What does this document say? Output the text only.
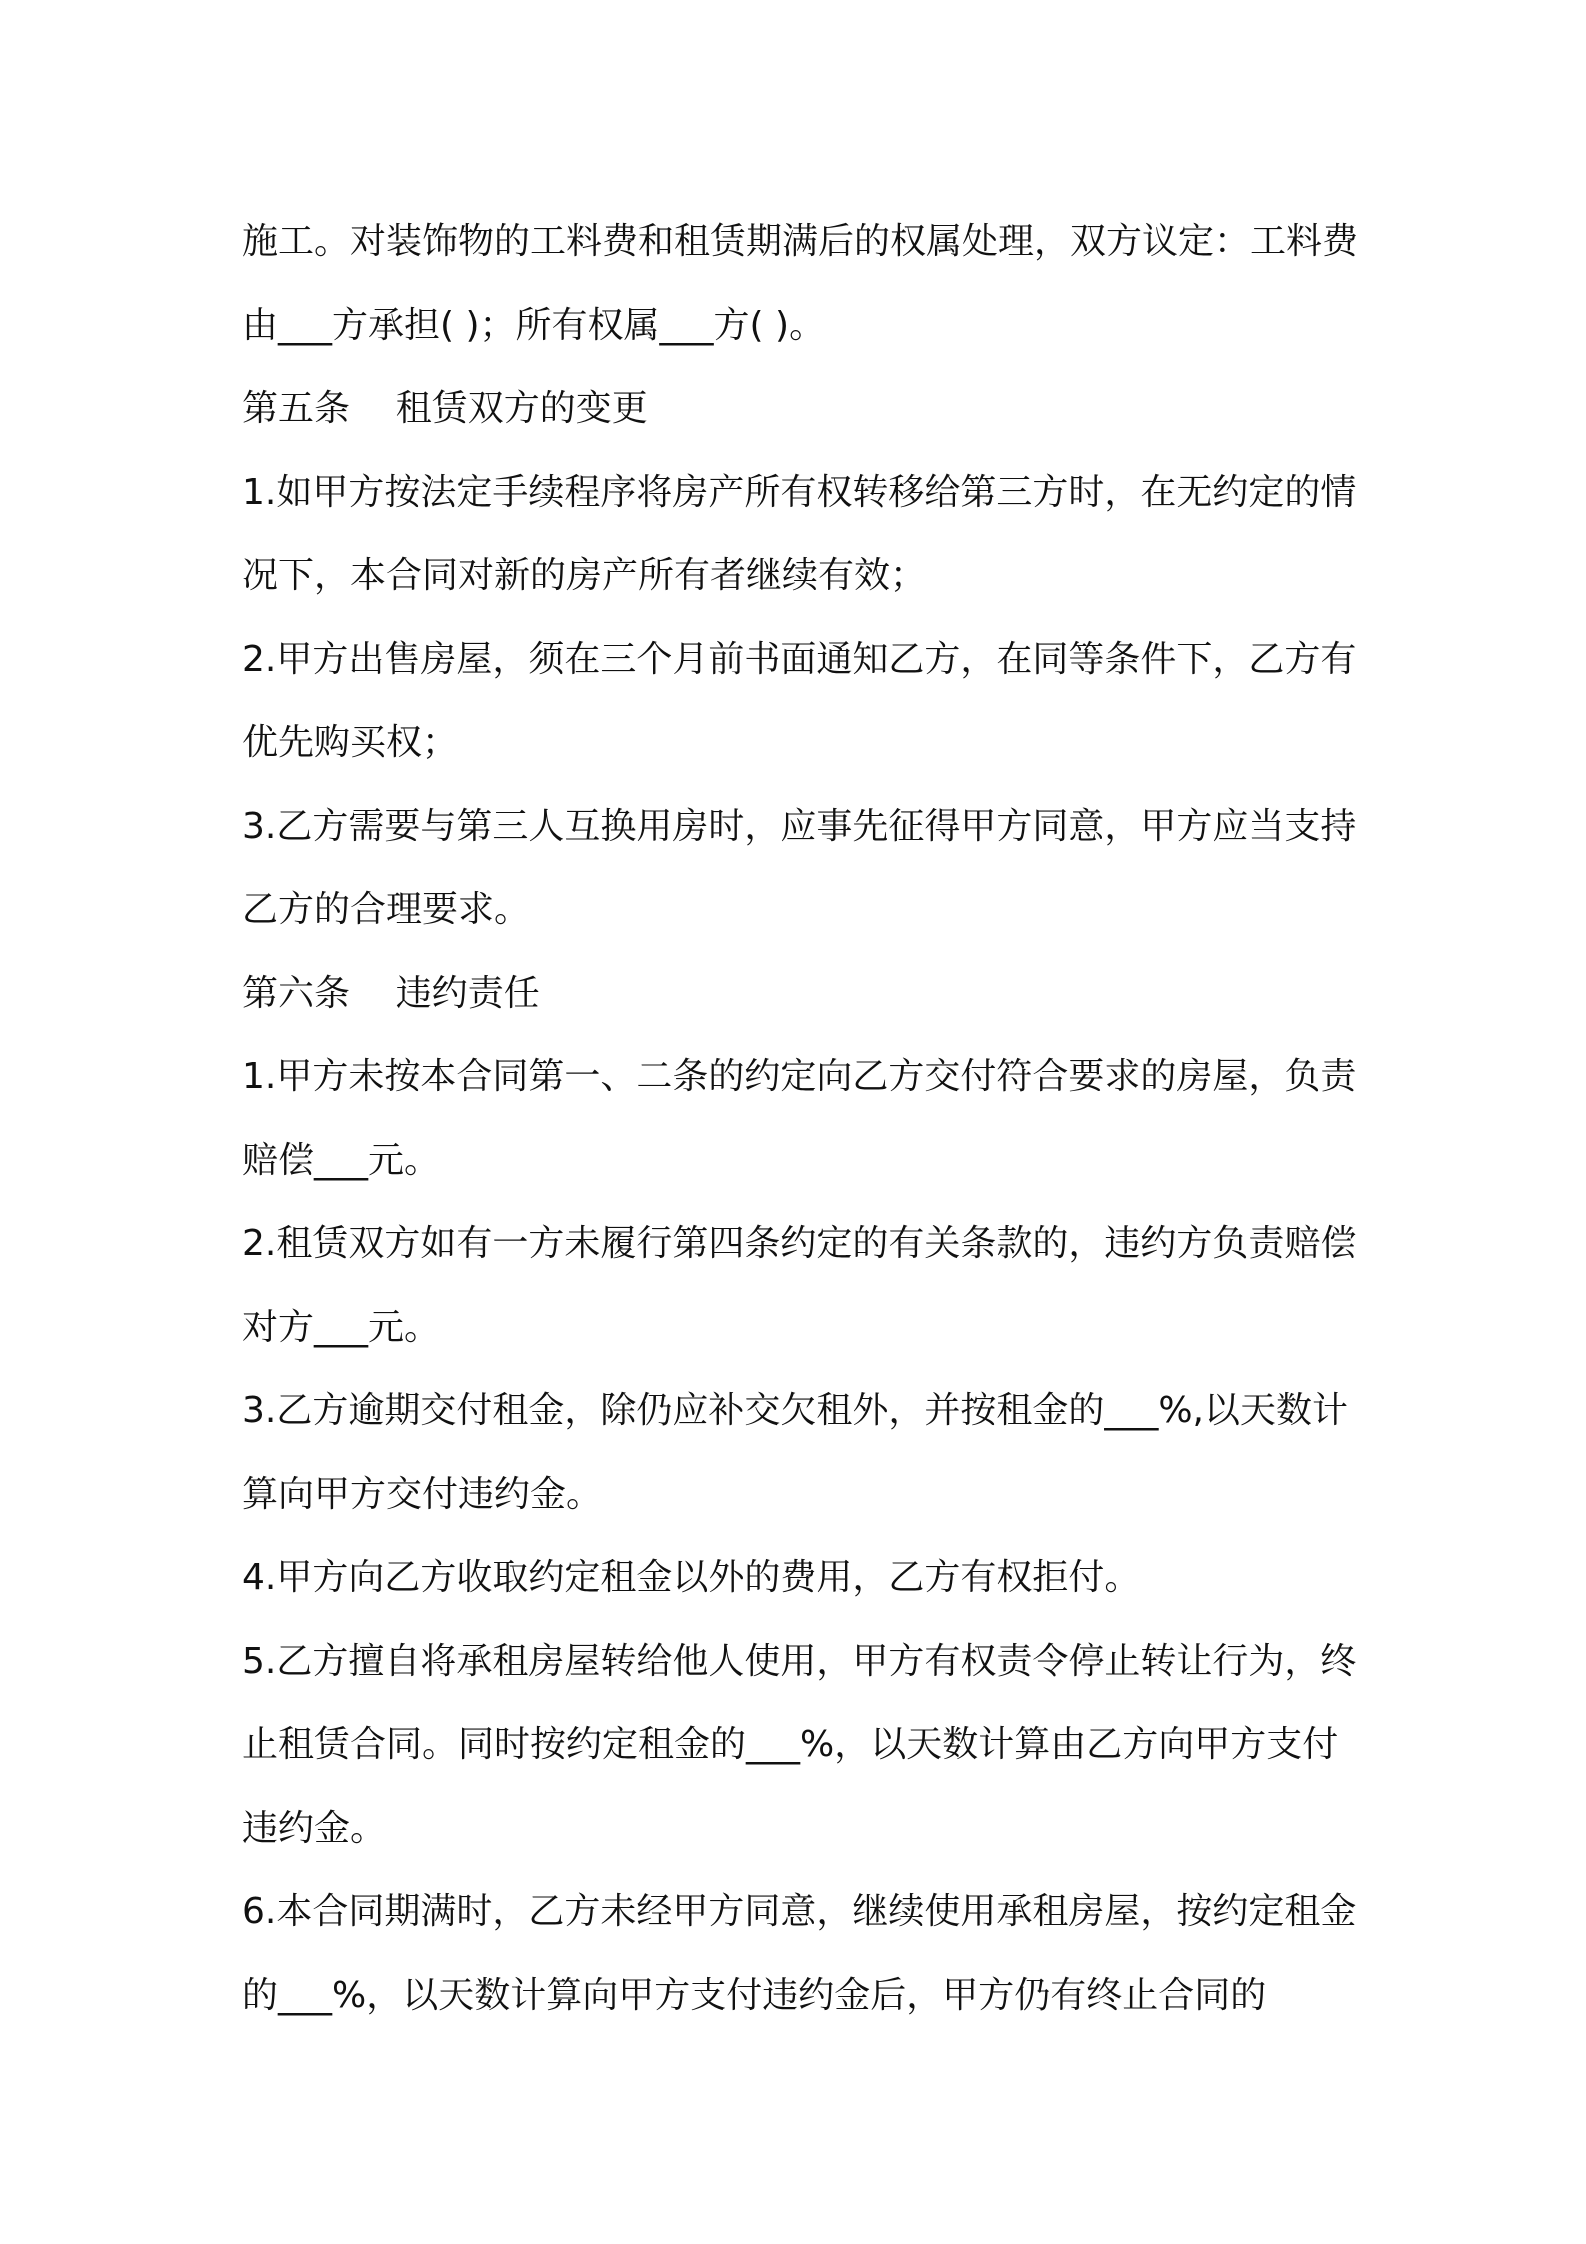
施工。对装饰物的工料费和租赁期满后的权属处理，双方议定：工料费由___方承担( )；所有权属___方( )。

第五条    租赁双方的变更

1.如甲方按法定手续程序将房产所有权转移给第三方时，在无约定的情况下，本合同对新的房产所有者继续有效；

2.甲方出售房屋，须在三个月前书面通知乙方，在同等条件下，乙方有优先购买权；

3.乙方需要与第三人互换用房时，应事先征得甲方同意，甲方应当支持乙方的合理要求。

第六条    违约责任

1.甲方未按本合同第一、二条的约定向乙方交付符合要求的房屋，负责赔偿___元。

2.租赁双方如有一方未履行第四条约定的有关条款的，违约方负责赔偿对方___元。

3.乙方逾期交付租金，除仍应补交欠租外，并按租金的___%,以天数计算向甲方交付违约金。

4.甲方向乙方收取约定租金以外的费用，乙方有权拒付。

5.乙方擅自将承租房屋转给他人使用，甲方有权责令停止转让行为，终止租赁合同。同时按约定租金的___%，以天数计算由乙方向甲方支付违约金。

6.本合同期满时，乙方未经甲方同意，继续使用承租房屋，按约定租金的___%，以天数计算向甲方支付违约金后，甲方仍有终止合同的
